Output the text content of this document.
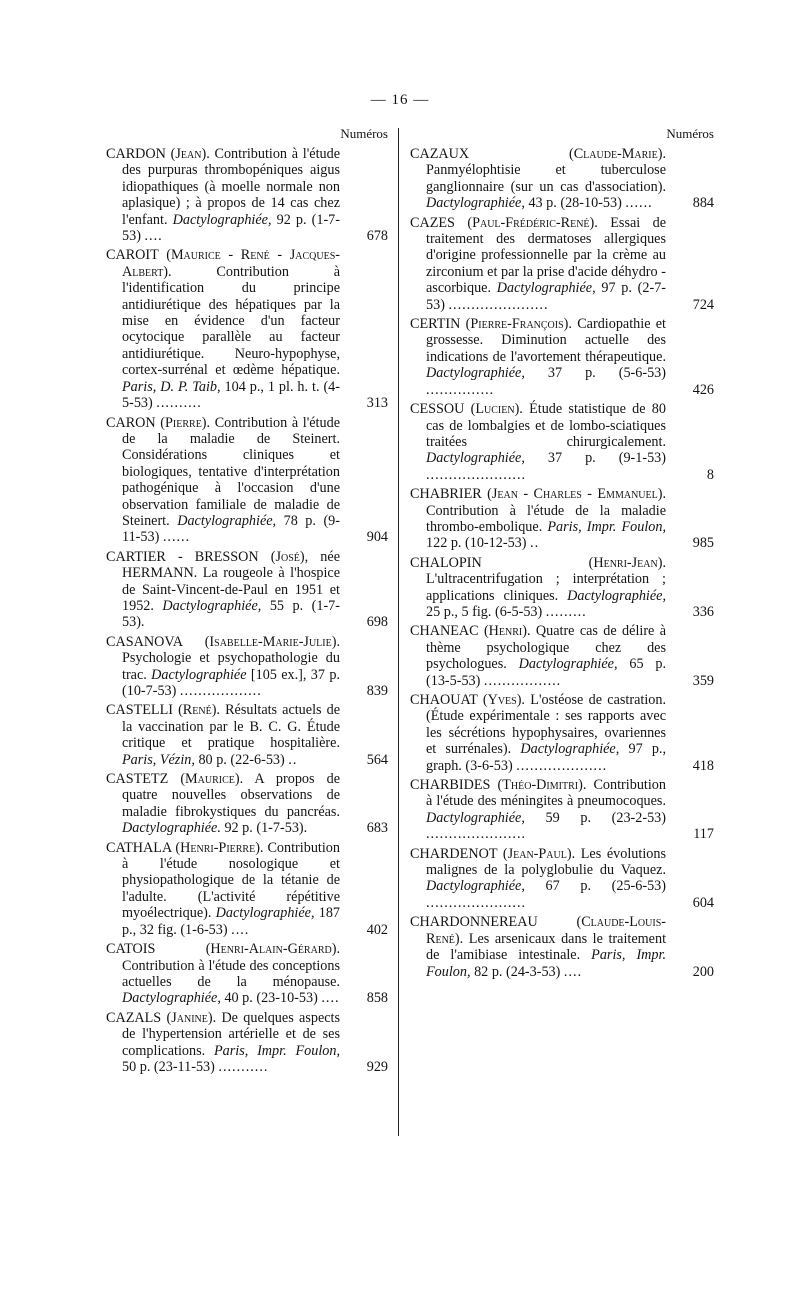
— 16 —
Numéros
CARDON (Jean). Contribution à l'étude des purpuras thrombopéniques aigus idiopathiques (à moelle normale non aplasique) ; à propos de 14 cas chez l'enfant. Dactylographiée, 92 p. (1-7-53) ....	678
CAROIT (Maurice - René - Jacques-Albert).	Contribution à l'identification du principe antidiurétique des hépatiques par la mise en évidence d'un facteur ocytocique parallèle au facteur antidiurétique. Neuro-hypophyse, cortex-surrénal et œdème hépatique. Paris, D. P. Taib, 104 p., 1 pl. h. t. (4-5-53) ..........	313
CARON (Pierre). Contribution à l'étude de la maladie de Steinert. Considérations cliniques et biologiques, tentative d'interprétation pathogénique à l'occasion d'une observation familiale de maladie de Steinert. Dactylographiée, 78 p. (9-11-53) ......	904
CARTIER - BRESSON (José), née HERMANN. La rougeole à l'hospice de Saint-Vincent-de-Paul en 1951 et 1952. Dactylographiée, 55 p. (1-7-53).	698
CASANOVA (Isabelle-Marie-Julie). Psychologie et psychopathologie du trac. Dactylographiée [105 ex.], 37 p. (10-7-53) ..................	839
CASTELLI (René). Résultats actuels de la vaccination par le B. C. G. Étude critique et pratique hospitalière. Paris, Vézin, 80 p. (22-6-53) ..	564
CASTETZ (Maurice). A propos de quatre nouvelles observations de maladie fibrokystiques du pancréas. Dactylographiée. 92 p. (1-7-53).	683
CATHALA (Henri-Pierre). Contribution à l'étude nosologique et physiopathologique de la tétanie de l'adulte. (L'activité répétitive myoélectrique). Dactylographiée, 187 p., 32 fig. (1-6-53) ....	402
CATOIS	(Henri-Alain-Gérard). Contribution à l'étude des conceptions actuelles de la ménopause. Dactylographiée, 40 p. (23-10-53) .... 858
CAZALS (Janine). De quelques aspects de l'hypertension artérielle et de ses complications. Paris, Impr. Foulon, 50 p. (23-11-53) ...........	929
Numéros
CAZAUX	(Claude-Marie). Panmyélophtisie et tuberculose ganglionnaire (sur un cas d'association). Dactylographiée, 43 p. (28-10-53) ......	884
CAZES (Paul-Frédéric-René). Essai de traitement des dermatoses allergiques d'origine professionnelle par la crème au zirconium et par la prise d'acide déhydro - ascorbique. Dactylographiée, 97 p. (2-7-53) ......................	724
CERTIN (Pierre-François). Cardiopathie et grossesse. Diminution actuelle des indications de l'avortement thérapeutique. Dactylographiée, 37 p. (5-6-53) ...............	426
CESSOU (Lucien). Étude statistique de 80 cas de lombalgies et de lombo-sciatiques traitées chirurgicalement. Dactylographiée, 37 p. (9-1-53) ......................	8
CHABRIER (Jean - Charles - Emmanuel). Contribution à l'étude de la maladie thrombo-embolique. Paris, Impr. Foulon, 122 p. (10-12-53) ..	985
CHALOPIN	(Henri-Jean). L'ultracentrifugation ; interprétation ; applications cliniques. Dactylographiée, 25 p., 5 fig. (6-5-53) .........	336
CHANEAC (Henri). Quatre cas de délire à thème psychologique chez des psychologues. Dactylographiée, 65 p. (13-5-53) .................	359
CHAOUAT (Yves). L'ostéose de castration. (Étude expérimentale : ses rapports avec les sécrétions hypophysaires, ovariennes et surrénales). Dactylographiée, 97 p., graph. (3-6-53) ....................	418
CHARBIDES (Théo-Dimitri). Contribution à l'étude des méningites à pneumocoques. Dactylographiée, 59 p. (23-2-53) ......................	117
CHARDENOT (Jean-Paul). Les évolutions malignes de la polyglobulie du Vaquez. Dactylographiée, 67 p. (25-6-53) ......................	604
CHARDONNEREAU	(Claude-Louis-René). Les arsenicaux dans le traitement de l'amibiase intestinale. Paris, Impr. Foulon, 82 p. (24-3-53) ....	200
